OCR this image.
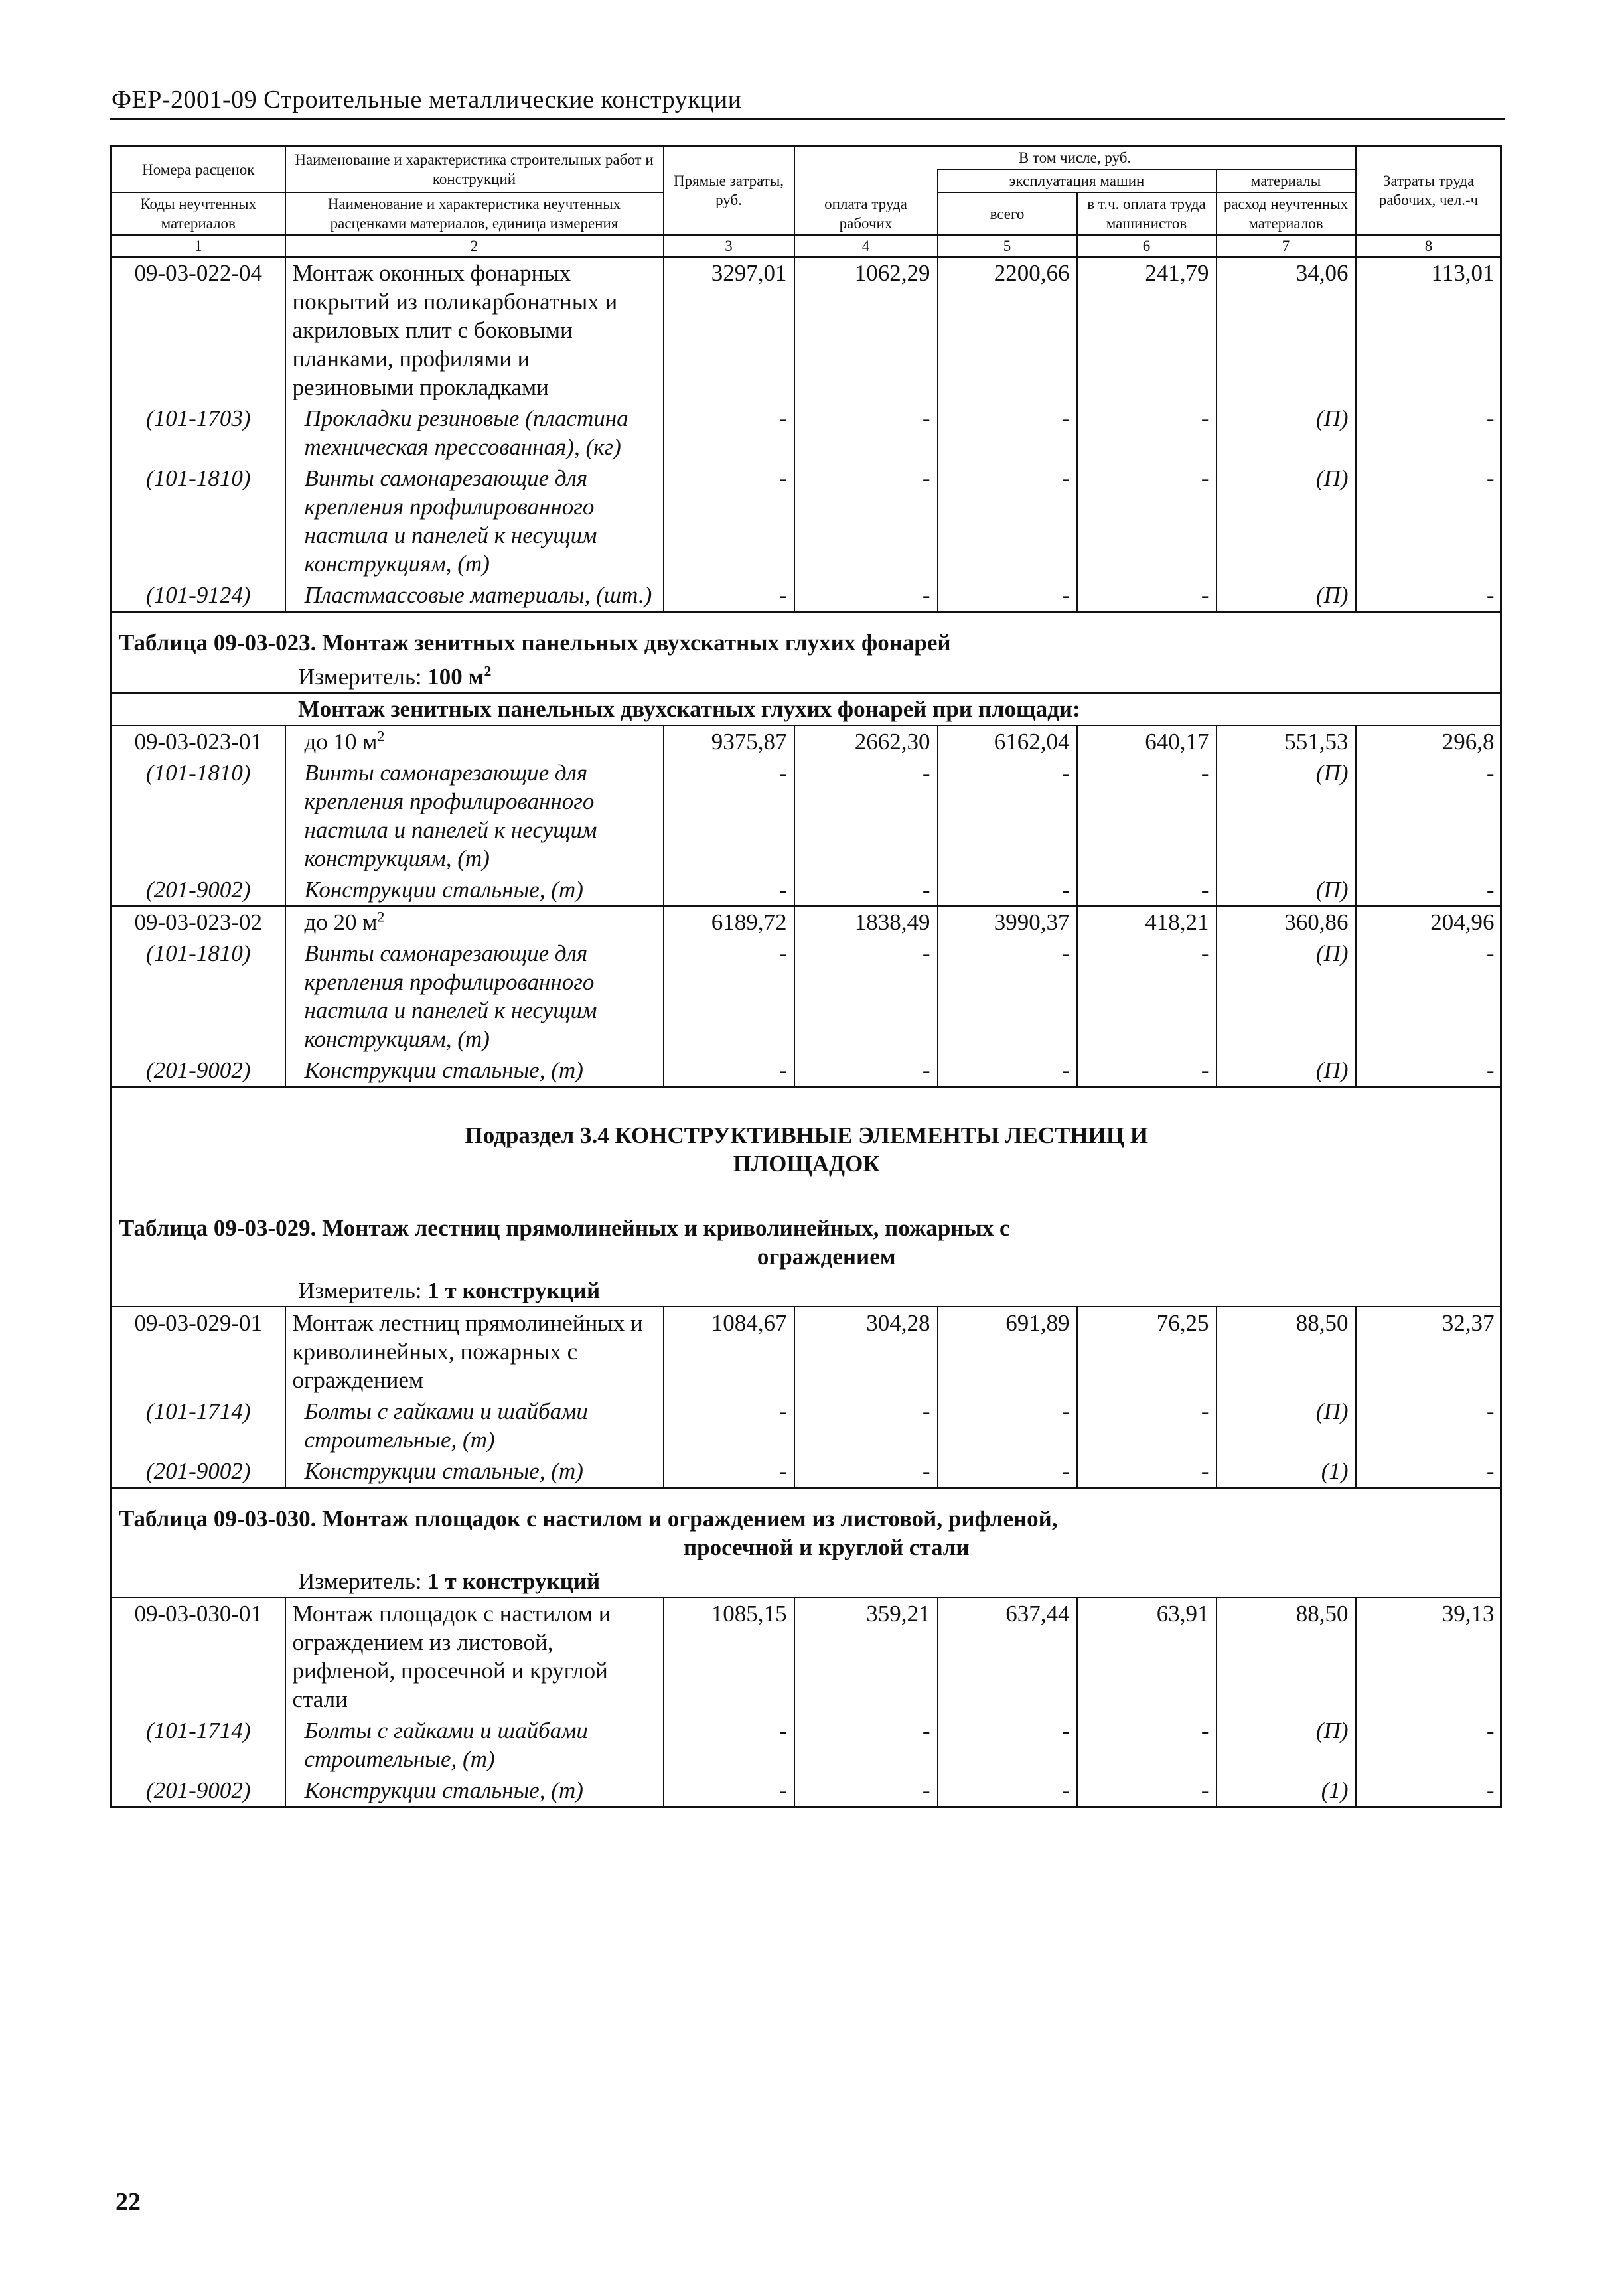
ФЕР-2001-09 Строительные металлические конструкции
Номера расценок	Наименование и характеристика строительных работ и конструкций	Прямые затраты, руб.	В том числе, руб.				Затраты труда рабочих, чел.-ч	
				эксплуатация машин		материалы		
Коды неучтенных материалов	Наименование и характеристика неучтенных расценками материалов, единица измерения		оплата труда рабочих	всего	в т.ч. оплата труда машинистов	расход неучтенных материалов		

1	2	3	4	5	6	7	8	
09-03-022-04	Монтаж оконных фонарных покрытий из поликарбонатных и акриловых плит с боковыми планками, профилями и резиновыми прокладками	3297,01	1062,29	2200,66	241,79	34,06	113,01	
(101-1703)	Прокладки резиновые (пластина техническая прессованная), (кг)	-	-	-	-	(П)	-	
(101-1810)	Винты самонарезающие для крепления профилированного настила и панелей к несущим конструкциям, (т)	-	-	-	-	(П)	-	
(101-9124)	Пластмассовые материалы, (шт.)	-	-	-	-	(П)	-	
Таблица 09-03-023. Монтаж зенитных панельных двухскатных глухих фонарей								
Измеритель: 100 $м^2$
Монтаж зенитных панельных двухскатных глухих фонарей при площади:								
09-03-023-01	до 10 $м^2$	9375,87	2662,30	6162,04	640,17	551,53	296,8	
(101-1810)	Винты самонарезающие для крепления профилированного настила и панелей к несущим конструкциям, (т)	-	-	-	-	(П)	-	
(201-9002)	Конструкции стальные, (т)	-	-	-	-	(П)	-	
09-03-023-02	до 20 $м^2$	6189,72	1838,49	3990,37	418,21	360,86	204,96	
(101-1810)	Винты самонарезающие для крепления профилированного настила и панелей к несущим конструкциям, (т)	-	-	-	-	(П)	-	
(201-9002)	Конструкции стальные, (т)	-	-	-	-	(П)	-	
Подраздел 3.4 КОНСТРУКТИВНЫЕ ЭЛЕМЕНТЫ ЛЕСТНИЦ И
ПЛОЩАДОК								
Таблица 09-03-029. Монтаж лестниц прямолинейных и криволинейных, пожарных с
ограждением								

Измеритель: 1 т конструкций								
09-03-029-01	Монтаж лестниц прямолинейных и криволинейных, пожарных с ограждением	1084,67	304,28	691,89	76,25	88,50	32,37	
(101-1714)	Болты с гайками и шайбами строительные, (т)	-	-	-	-	(П)	-	
(201-9002)	Конструкции стальные, (т)	-	-	-	-	(1)	-	
Таблица 09-03-030. Монтаж площадок с настилом и ограждением из листовой, рифленой,
просечной и круглой стали								

Измеритель: 1 т конструкций								
09-03-030-01	Монтаж площадок с настилом и ограждением из листовой, рифленой, просечной и круглой стали	1085,15	359,21	637,44	63,91	88,50	39,13	
(101-1714)	Болты с гайками и шайбами строительные, (т)	-	-	-	-	(П)	-	
(201-9002)	Конструкции стальные, (т)	-	-	-	-	(1)	-	
22
